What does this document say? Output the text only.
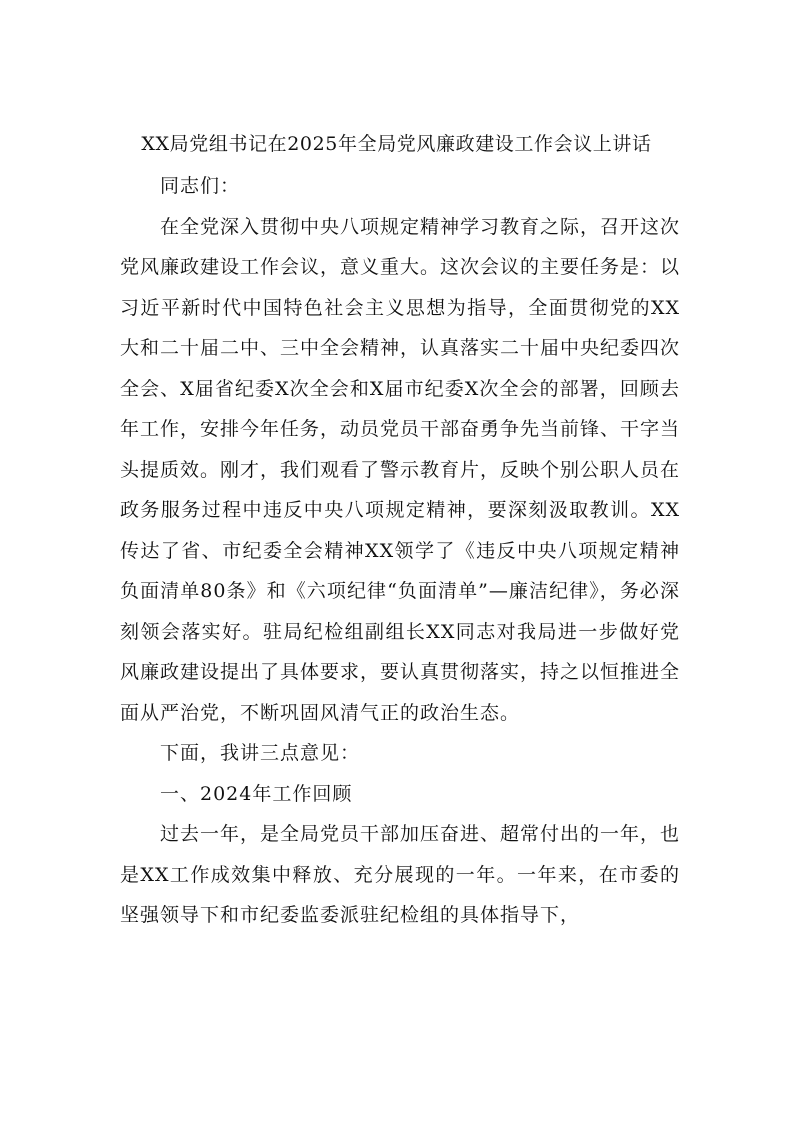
XX局党组书记在2025年全局党风廉政建设工作会议上讲话

同志们：

在全党深入贯彻中央八项规定精神学习教育之际，召开这次党风廉政建设工作会议，意义重大。这次会议的主要任务是：以习近平新时代中国特色社会主义思想为指导，全面贯彻党的XX大和二十届二中、三中全会精神，认真落实二十届中央纪委四次全会、X届省纪委X次全会和X届市纪委X次全会的部署，回顾去年工作，安排今年任务，动员党员干部奋勇争先当前锋、干字当头提质效。刚才，我们观看了警示教育片，反映个别公职人员在政务服务过程中违反中央八项规定精神，要深刻汲取教训。XX传达了省、市纪委全会精神XX领学了《违反中央八项规定精神负面清单80条》和《六项纪律“负面清单”—廉洁纪律》，务必深刻领会落实好。驻局纪检组副组长XX同志对我局进一步做好党风廉政建设提出了具体要求，要认真贯彻落实，持之以恒推进全面从严治党，不断巩固风清气正的政治生态。

下面，我讲三点意见：

一、2024年工作回顾

过去一年，是全局党员干部加压奋进、超常付出的一年，也是XX工作成效集中释放、充分展现的一年。一年来，在市委的坚强领导下和市纪委监委派驻纪检组的具体指导下，
